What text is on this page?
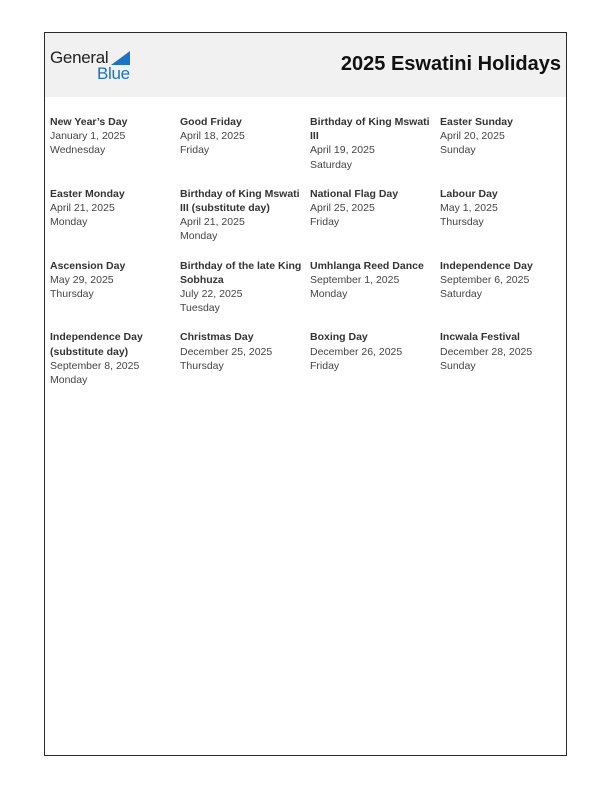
General
Blue	2025 Eswatini Holidays
New Year’s Day
January 1, 2025
Wednesday
Good Friday
April 18, 2025
Friday
Birthday of King Mswati III
April 19, 2025
Saturday
Easter Sunday
April 20, 2025
Sunday
Easter Monday
April 21, 2025
Monday
Birthday of King Mswati III (substitute day)
April 21, 2025
Monday
National Flag Day
April 25, 2025
Friday
Labour Day
May 1, 2025
Thursday
Ascension Day
May 29, 2025
Thursday
Birthday of the late King Sobhuza
July 22, 2025
Tuesday
Umhlanga Reed Dance
September 1, 2025
Monday
Independence Day
September 6, 2025
Saturday
Independence Day (substitute day)
September 8, 2025
Monday
Christmas Day
December 25, 2025
Thursday
Boxing Day
December 26, 2025
Friday
Incwala Festival
December 28, 2025
Sunday
